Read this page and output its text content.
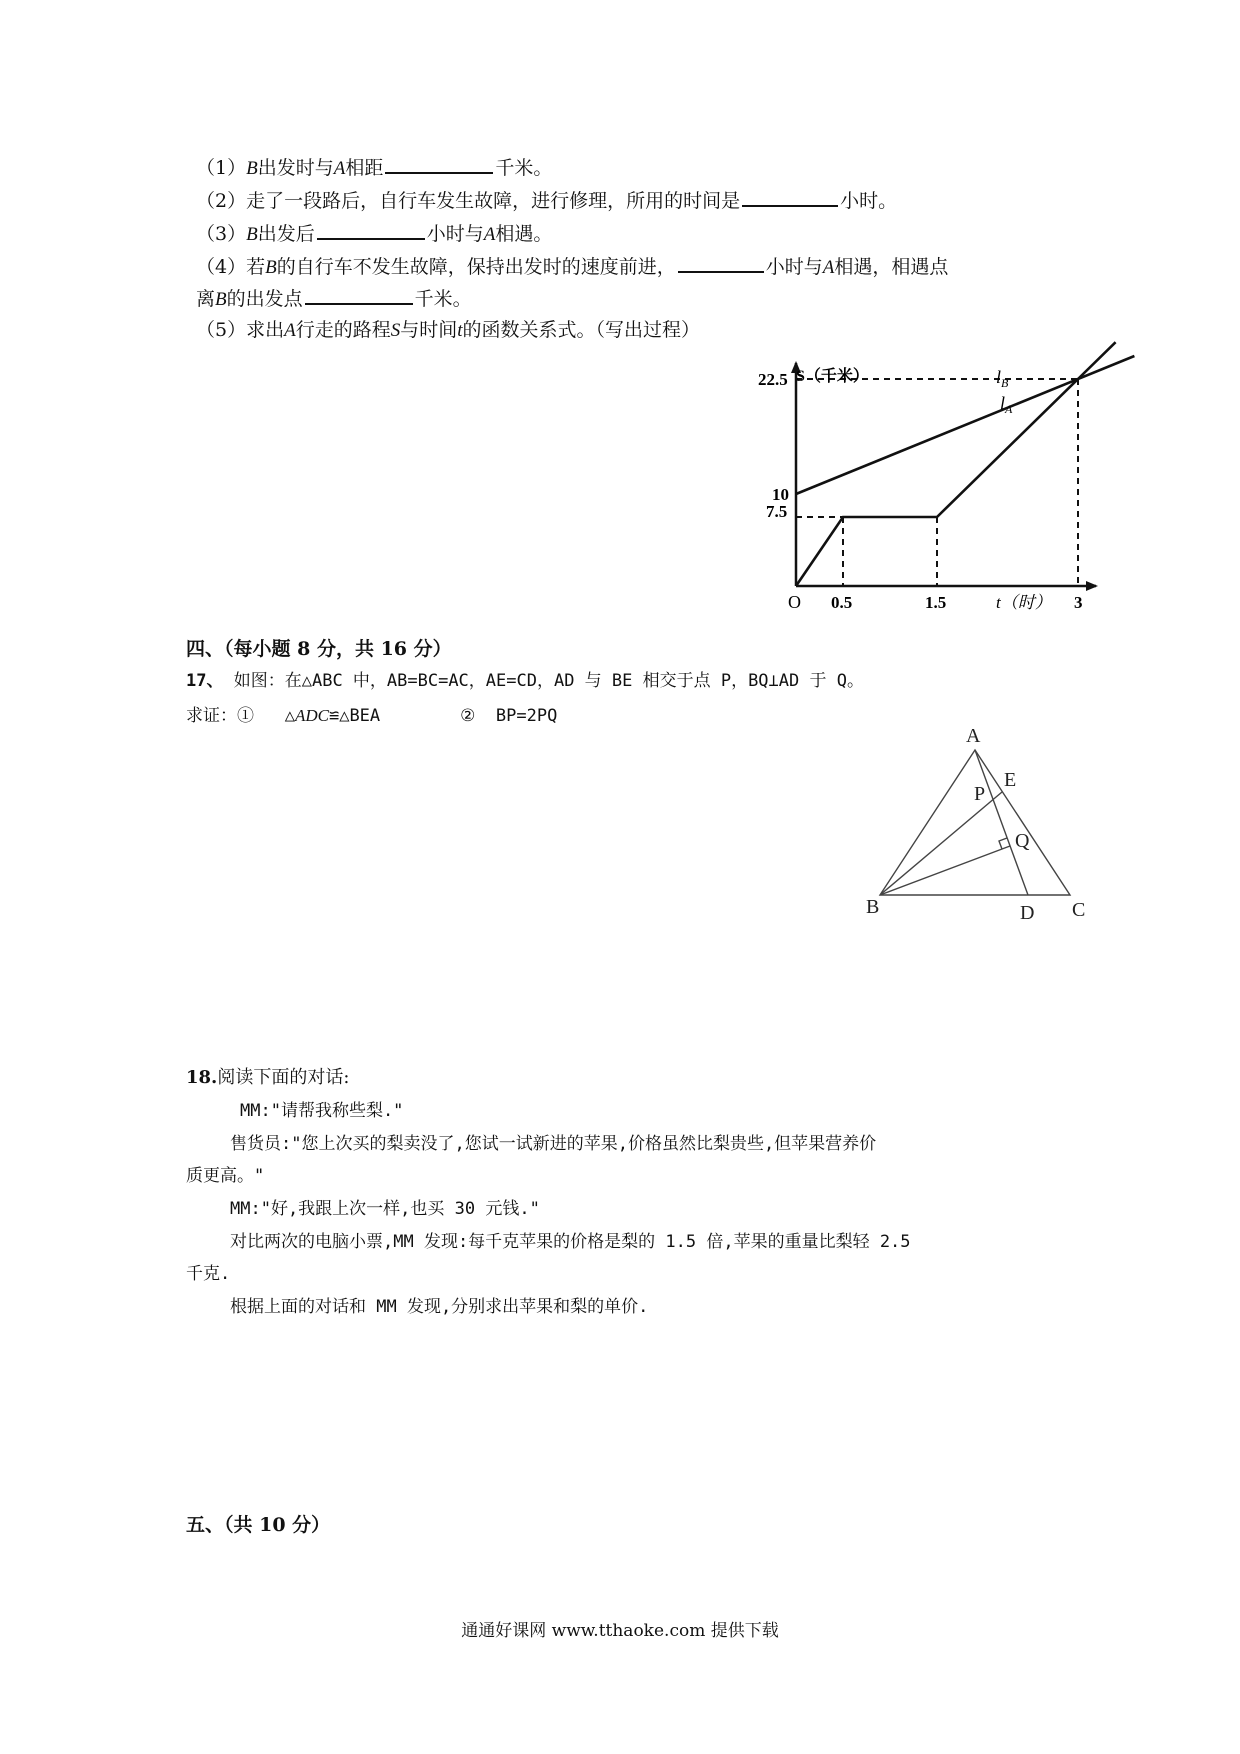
（1）B出发时与A相距	千米。
（2）走了一段路后，自行车发生故障，进行修理，所用的时间是	小时。
（3）B出发后	小时与A相遇。
（4）若B的自行车不发生故障，保持出发时的速度前进，	小时与A相遇，相遇点
离B的出发点	千米。
（5）求出A行走的路程S与时间t的函数关系式。（写出过程）
0.5	1.5	3
7.5
10
22.5 S（千米）
t（时）
O
$l_B$
$l_A$
四、（每小题 8 分，共 16 分）
17、 如图：在△ABC 中，AB=BC=AC，AE=CD，AD 与 BE 相交于点 P，BQ⊥AD 于 Q。
求证：① △ADC≌△BEA	② BP=2PQ
A
E
P
Q
B	D C
18.阅读下面的对话:
MM:"请帮我称些梨."
售货员:"您上次买的梨卖没了,您试一试新进的苹果,价格虽然比梨贵些,但苹果营养价
质更高。"
MM:"好,我跟上次一样,也买 30 元钱."
对比两次的电脑小票,MM 发现:每千克苹果的价格是梨的 1.5 倍,苹果的重量比梨轻 2.5
千克.
根据上面的对话和 MM 发现,分别求出苹果和梨的单价.
五、（共 10 分）
通通好课网 www.tthaoke.com 提供下载
